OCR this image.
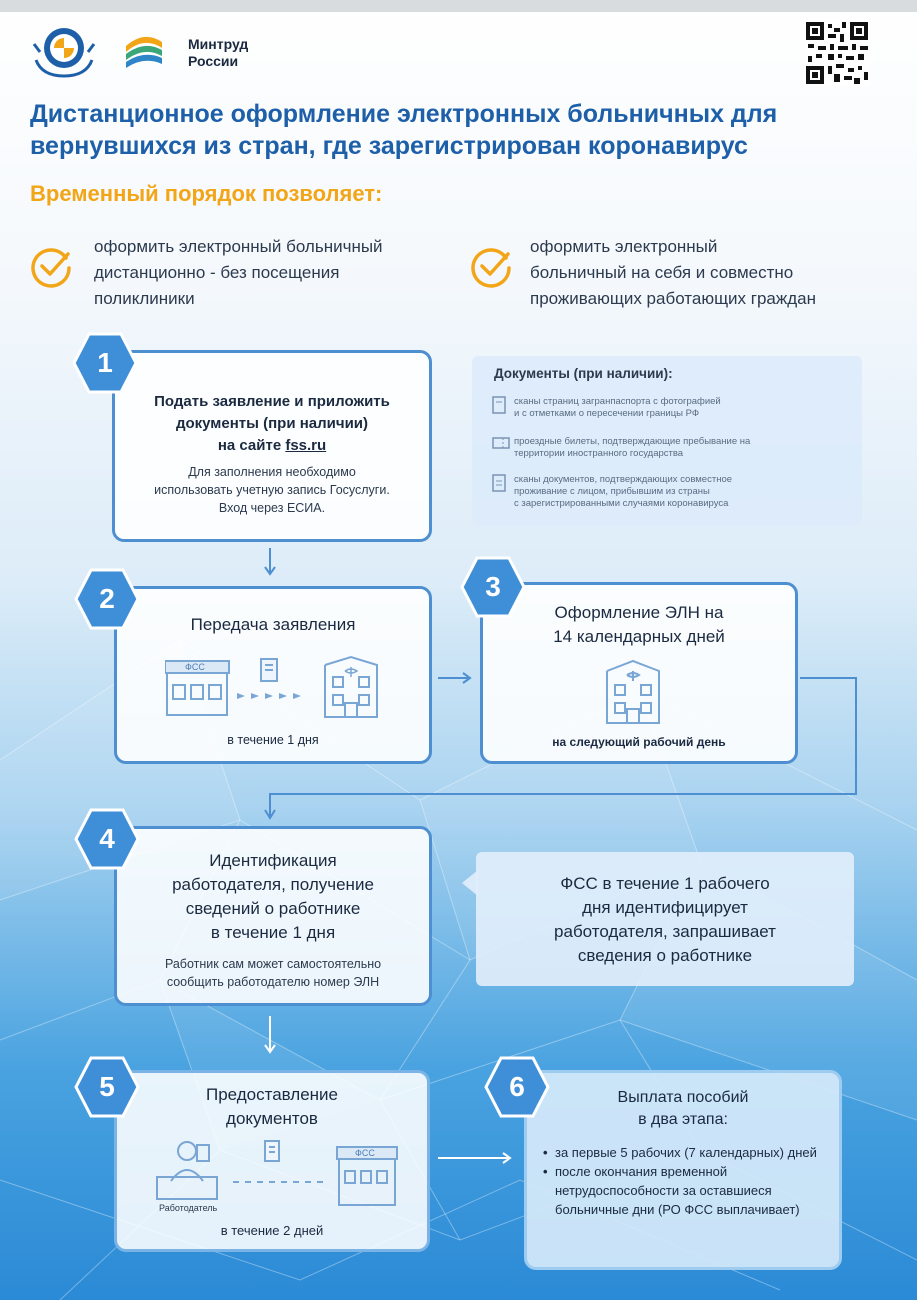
Минтруд
России
Дистанционное оформление электронных больничных для
вернувшихся из стран, где зарегистрирован коронавирус
Временный порядок позволяет:
оформить электронный больничный
дистанционно - без посещения
поликлиники
оформить электронный
больничный на себя и совместно
проживающих работающих граждан
Подать заявление и приложить
документы (при наличии)
на сайте fss.ru
Для заполнения необходимо
использовать учетную запись Госуслуги.
Вход через ЕСИА.
1	Документы (при наличии):
сканы страниц загранпаспорта с фотографией
и с отметками о пересечении границы РФ
проездные билеты, подтверждающие пребывание на
территории иностранного государства
сканы документов, подтверждающих совместное
проживание с лицом, прибывшим из страны
с зарегистрированными случаями коронавируса
Передача заявления
ФСС
в течение 1 дня
2	Оформление ЭЛН на
14 календарных дней
на следующий рабочий день
3
Идентификация
работодателя, получение
сведений о работнике
в течение 1 дня
Работник сам может самостоятельно
сообщить работодателю номер ЭЛН
4
ФСС в течение 1 рабочего
дня идентифицирует
работодателя, запрашивает
сведения о работнике
Предоставление
документов
ФСС
Работодатель
в течение 2 дней
5	Выплата пособий
в два этапа:
• за первые 5 рабочих (7 календарных) дней
• после окончания временной нетрудоспособности за оставшиеся больничные дни (РО ФСС выплачивает)
6
